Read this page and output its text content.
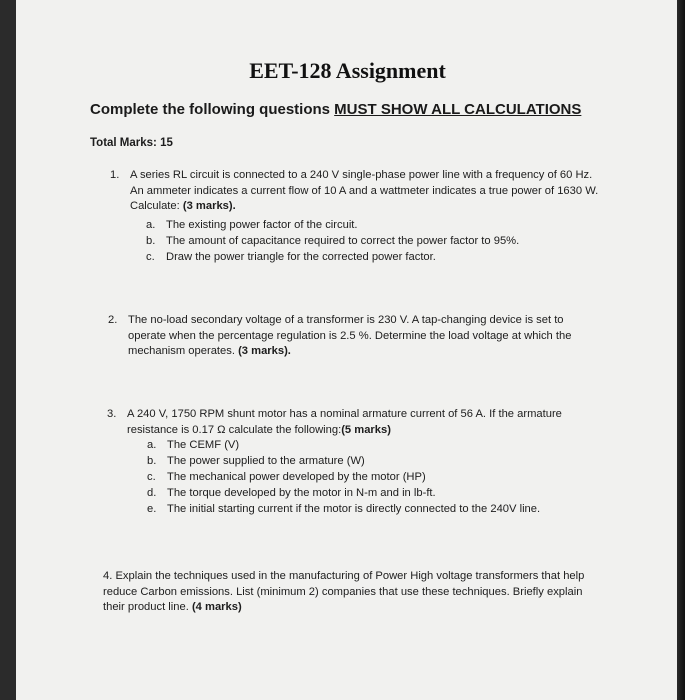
EET-128 Assignment
Complete the following questions MUST SHOW ALL CALCULATIONS
Total Marks: 15
1. A series RL circuit is connected to a 240 V single-phase power line with a frequency of 60 Hz. An ammeter indicates a current flow of 10 A and a wattmeter indicates a true power of 1630 W. Calculate: (3 marks).
a. The existing power factor of the circuit.
b. The amount of capacitance required to correct the power factor to 95%.
c. Draw the power triangle for the corrected power factor.
2. The no-load secondary voltage of a transformer is 230 V. A tap-changing device is set to operate when the percentage regulation is 2.5 %. Determine the load voltage at which the mechanism operates. (3 marks).
3. A 240 V, 1750 RPM shunt motor has a nominal armature current of 56 A. If the armature resistance is 0.17 Ω calculate the following:(5 marks)
a. The CEMF (V)
b. The power supplied to the armature (W)
c. The mechanical power developed by the motor (HP)
d. The torque developed by the motor in N-m and in lb-ft.
e. The initial starting current if the motor is directly connected to the 240V line.
4. Explain the techniques used in the manufacturing of Power High voltage transformers that help reduce Carbon emissions. List (minimum 2) companies that use these techniques. Briefly explain their product line. (4 marks)
